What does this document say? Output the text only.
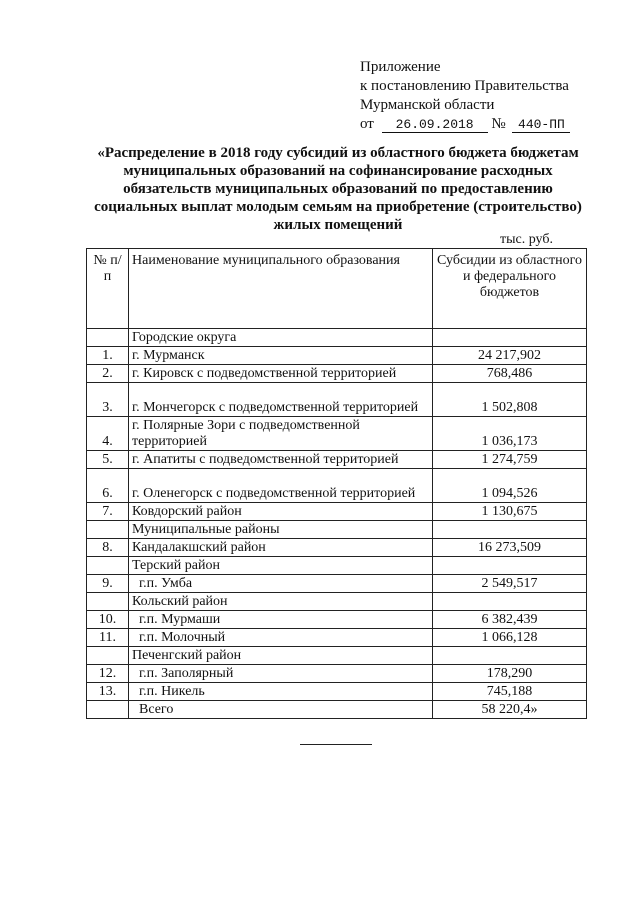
Приложение
к постановлению Правительства
Мурманской области
от 26.09.2018 № 440-ПП
«Распределение в 2018 году субсидий из областного бюджета бюджетам муниципальных образований на софинансирование расходных обязательств муниципальных образований по предоставлению социальных выплат молодым семьям на приобретение (строительство) жилых помещений
тыс. руб.
№ п/п	Наименование муниципального образования	Субсидии из областного и федерального бюджетов
	Городские округа	
1.	г. Мурманск	24 217,902
2.	г. Кировск с подведомственной территорией	768,486
3.	г. Мончегорск с подведомственной территорией	1 502,808
4.	г. Полярные Зори с подведомственной территорией	1 036,173
5.	г. Апатиты с подведомственной территорией	1 274,759
6.	г. Оленегорск с подведомственной территорией	1 094,526
7.	Ковдорский район	1 130,675
	Муниципальные районы	
8.	Кандалакшский район	16 273,509
	Терский район	
9.	г.п. Умба	2 549,517
	Кольский район	
10.	г.п. Мурмаши	6 382,439
11.	г.п. Молочный	1 066,128
	Печенгский район	
12.	г.п. Заполярный	178,290
13.	г.п. Никель	745,188
	Всего	58 220,4»
